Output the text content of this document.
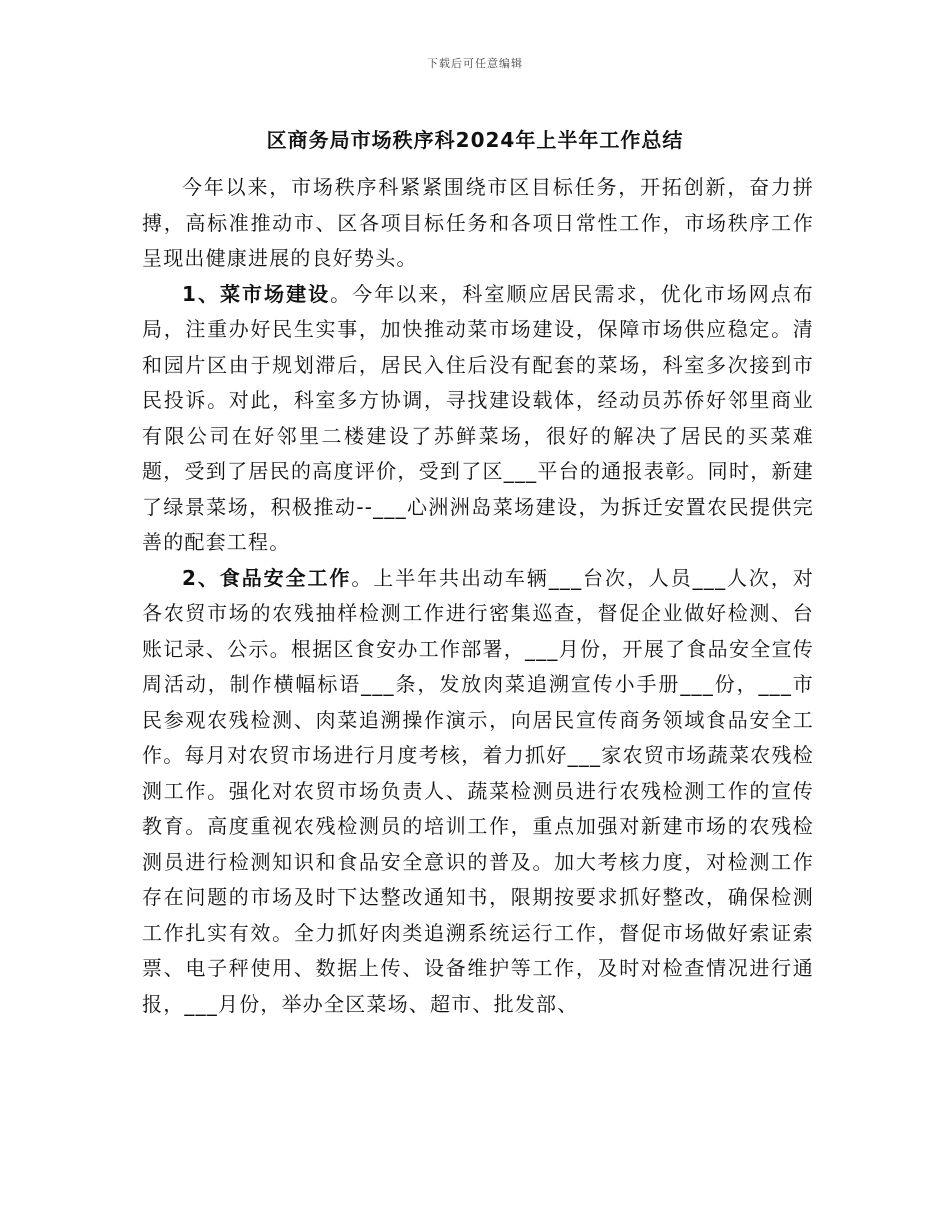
下载后可任意编辑
区商务局市场秩序科2024年上半年工作总结

今年以来，市场秩序科紧紧围绕市区目标任务，开拓创新，奋力拼搏，高标准推动市、区各项目标任务和各项日常性工作，市场秩序工作呈现出健康进展的良好势头。

1、菜市场建设。今年以来，科室顺应居民需求，优化市场网点布局，注重办好民生实事，加快推动菜市场建设，保障市场供应稳定。清和园片区由于规划滞后，居民入住后没有配套的菜场，科室多次接到市民投诉。对此，科室多方协调，寻找建设载体，经动员苏侨好邻里商业有限公司在好邻里二楼建设了苏鲜菜场，很好的解决了居民的买菜难题，受到了居民的高度评价，受到了区___平台的通报表彰。同时，新建了绿景菜场，积极推动--___心洲洲岛菜场建设，为拆迁安置农民提供完善的配套工程。

2、食品安全工作。上半年共出动车辆___台次，人员___人次，对各农贸市场的农残抽样检测工作进行密集巡查，督促企业做好检测、台账记录、公示。根据区食安办工作部署，___月份，开展了食品安全宣传周活动，制作横幅标语___条，发放肉菜追溯宣传小手册___份，___市民参观农残检测、肉菜追溯操作演示，向居民宣传商务领域食品安全工作。每月对农贸市场进行月度考核，着力抓好___家农贸市场蔬菜农残检测工作。强化对农贸市场负责人、蔬菜检测员进行农残检测工作的宣传教育。高度重视农残检测员的培训工作，重点加强对新建市场的农残检测员进行检测知识和食品安全意识的普及。加大考核力度，对检测工作存在问题的市场及时下达整改通知书，限期按要求抓好整改，确保检测工作扎实有效。全力抓好肉类追溯系统运行工作，督促市场做好索证索票、电子秤使用、数据上传、设备维护等工作，及时对检查情况进行通报，___月份，举办全区菜场、超市、批发部、
